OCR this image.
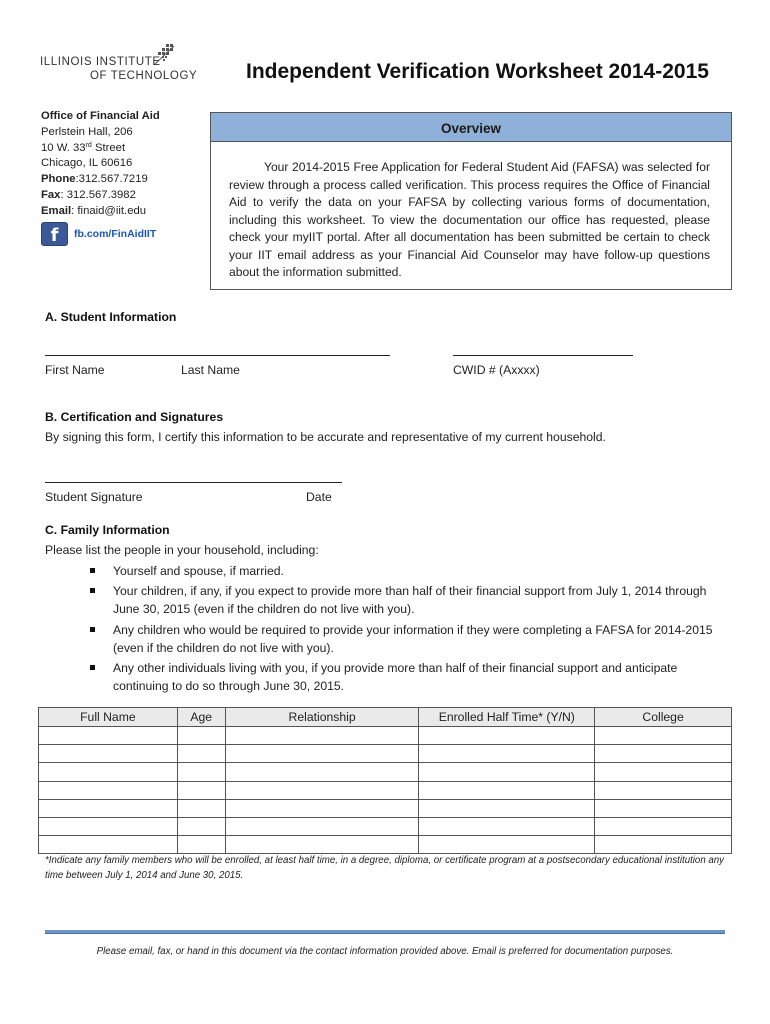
ILLINOIS INSTITUTE
OF TECHNOLOGY Independent Verification Worksheet 2014-2015
Office of Financial Aid
Perlstein Hall, 206
10 W. 33rd Street
Chicago, IL 60616
Phone:312.567.7219
Fax: 312.567.3982
Email: finaid@iit.edu
f	fb.com/FinAidIIT
Overview
Your 2014-2015 Free Application for Federal Student Aid (FAFSA) was selected for review through a process called verification. This process requires the Office of Financial Aid to verify the data on your FAFSA by collecting various forms of documentation, including this worksheet. To view the documentation our office has requested, please check your myIIT portal. After all documentation has been submitted be certain to check your IIT email address as your Financial Aid Counselor may have follow-up questions about the information submitted.
A. Student Information
First Name	Last Name	CWID # (Axxxx)
B. Certification and Signatures
By signing this form, I certify this information to be accurate and representative of my current household.
Student Signature	Date
C. Family Information
Please list the people in your household, including:
Yourself and spouse, if married.
Your children, if any, if you expect to provide more than half of their financial support from July 1, 2014 through June 30, 2015 (even if the children do not live with you).
Any children who would be required to provide your information if they were completing a FAFSA for 2014-2015 (even if the children do not live with you).
Any other individuals living with you, if you provide more than half of their financial support and anticipate continuing to do so through June 30, 2015.
Full Name	Age	Relationship	Enrolled Half Time* (Y/N)	College

*Indicate any family members who will be enrolled, at least half time, in a degree, diploma, or certificate program at a postsecondary educational institution any time between July 1, 2014 and June 30, 2015.
Please email, fax, or hand in this document via the contact information provided above. Email is preferred for documentation purposes.
